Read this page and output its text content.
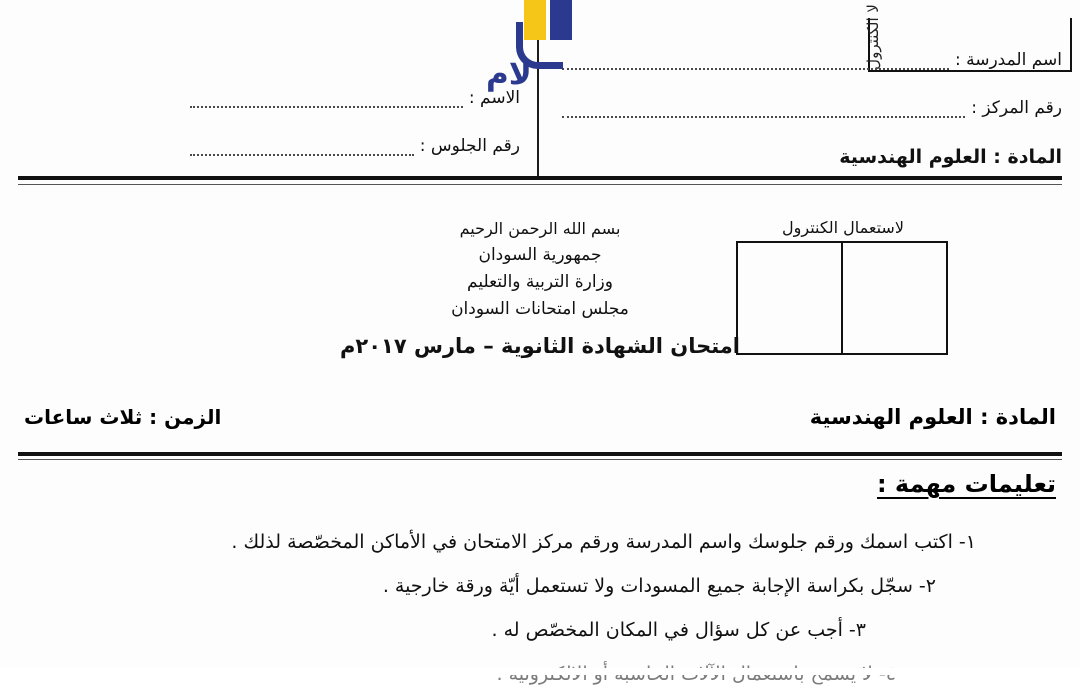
لا الكنترول
الاسم :
رقم الجلوس :
اسم المدرسة :
رقم المركز :
المادة : العلوم الهندسية
لام
بسم الله الرحمن الرحيم
جمهورية السودان
وزارة التربية والتعليم
مجلس امتحانات السودان
امتحان الشهادة الثانوية – مارس ٢٠١٧م
لاستعمال الكنترول
المادة : العلوم الهندسية
الزمن : ثلاث ساعات
تعليمات مهمة :
١- اكتب اسمك ورقم جلوسك واسم المدرسة ورقم مركز الامتحان في الأماكن المخصّصة لذلك .
٢- سجّل بكراسة الإجابة جميع المسودات ولا تستعمل أيّة ورقة خارجية .
٣- أجب عن كل سؤال في المكان المخصّص له .
